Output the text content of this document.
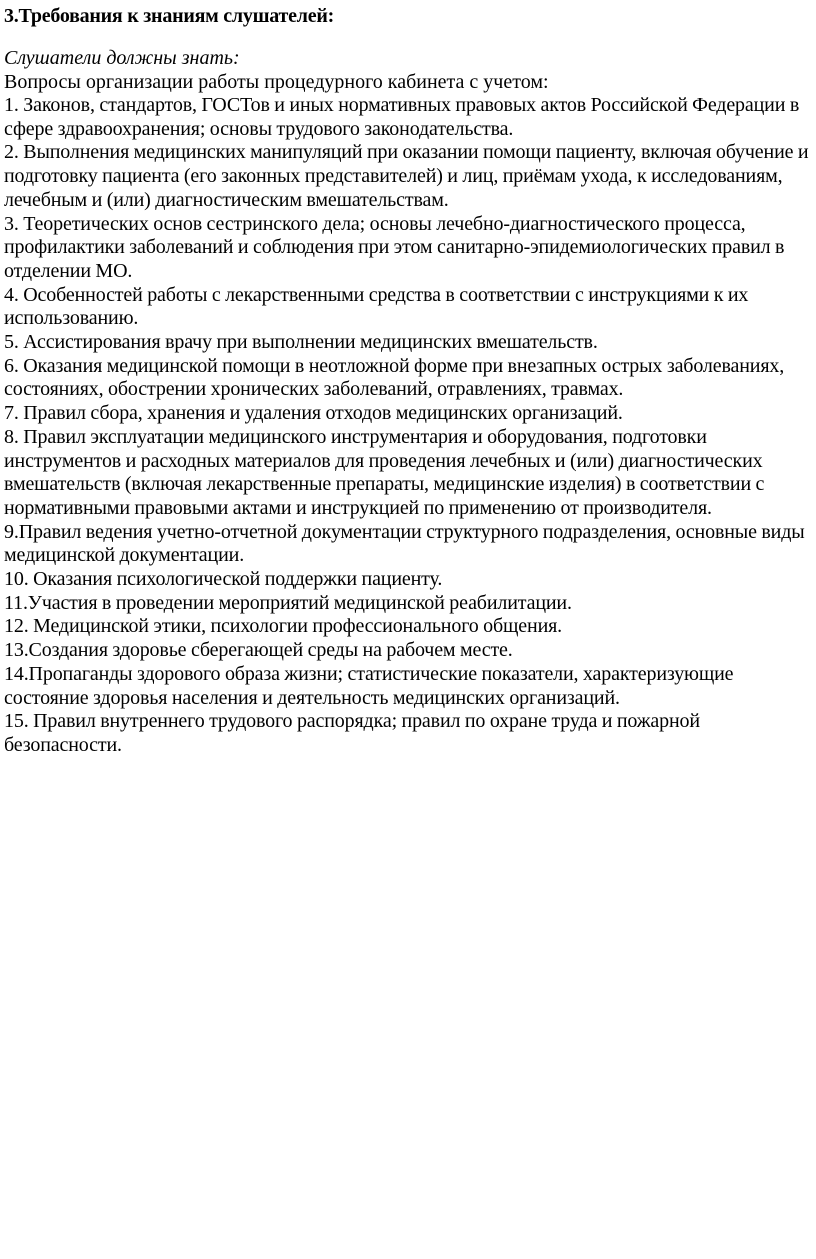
3.Требования к знаниям слушателей:

Слушатели должны знать:

Вопросы организации работы процедурного кабинета с учетом:

1. Законов, стандартов, ГОСТов и иных нормативных правовых актов Российской Федерации в сфере здравоохранения; основы трудового законодательства.
2. Выполнения медицинских манипуляций при оказании помощи пациенту, включая обучение и подготовку пациента (его законных представителей) и лиц, приёмам ухода, к исследованиям, лечебным и (или) диагностическим вмешательствам.
3. Теоретических основ сестринского дела; основы лечебно-диагностического процесса, профилактики заболеваний и соблюдения при этом санитарно-эпидемиологических правил в отделении МО.
4. Особенностей работы с лекарственными средства в соответствии с инструкциями к их использованию.
5. Ассистирования врачу при выполнении медицинских вмешательств.
6. Оказания медицинской помощи в неотложной форме при внезапных острых заболеваниях, состояниях, обострении хронических заболеваний, отравлениях, травмах.
7. Правил сбора, хранения и удаления отходов медицинских организаций.
8. Правил эксплуатации медицинского инструментария и оборудования, подготовки инструментов и расходных материалов для проведения лечебных и (или) диагностических вмешательств (включая лекарственные препараты, медицинские изделия) в соответствии с нормативными правовыми актами и инструкцией по применению от производителя.
9.Правил ведения учетно-отчетной документации структурного подразделения, основные виды медицинской документации.
10. Оказания психологической поддержки пациенту.
11.Участия в проведении мероприятий медицинской реабилитации.
12. Медицинской этики, психологии профессионального общения.
13.Создания здоровье сберегающей среды на рабочем месте.
14.Пропаганды здорового образа жизни; статистические показатели, характеризующие состояние здоровья населения и деятельность медицинских организаций.
15. Правил внутреннего трудового распорядка; правил по охране труда и пожарной безопасности.
